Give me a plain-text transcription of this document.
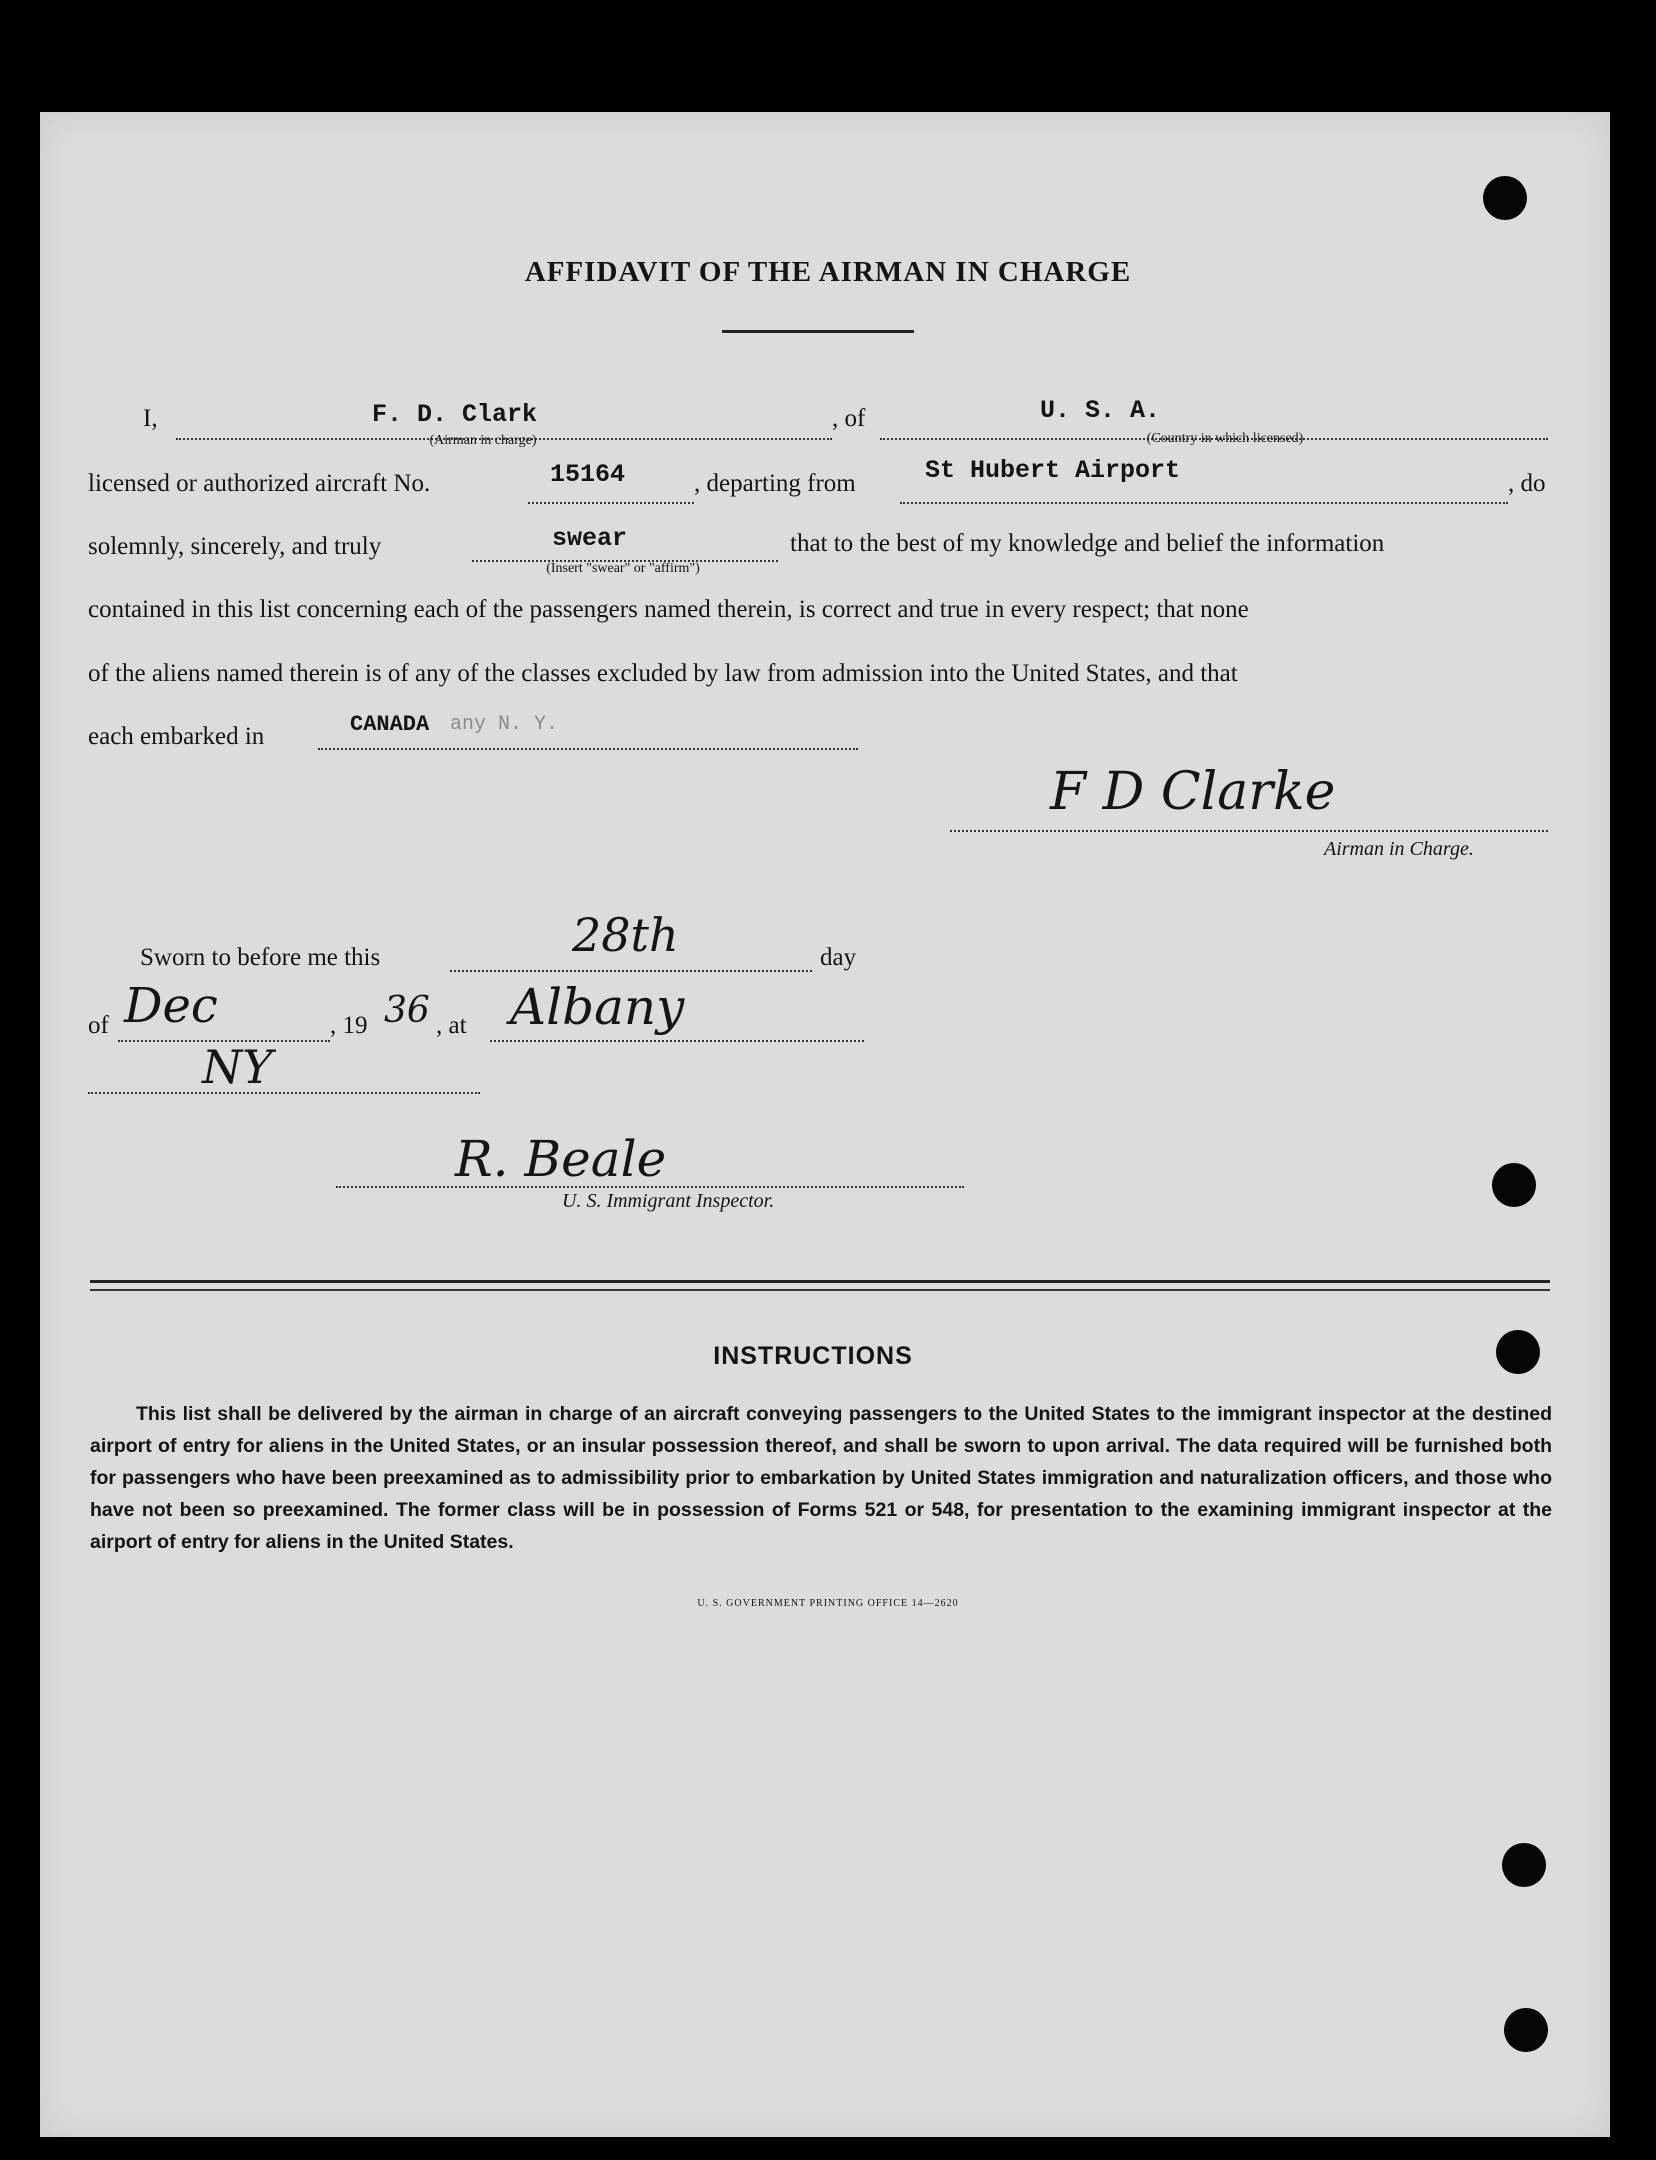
AFFIDAVIT OF THE AIRMAN IN CHARGE
I,	F. D. Clark
(Airman in charge)
, of	U. S. A.
(Country in which licensed)
licensed or authorized aircraft No.	15164	, departing from	St Hubert Airport	, do
solemnly, sincerely, and truly	swear
(Insert "swear" or "affirm")
that to the best of my knowledge and belief the information
contained in this list concerning each of the passengers named therein, is correct and true in every respect; that none
of the aliens named therein is of any of the classes excluded by law from admission into the United States, and that
each embarked in	CANADA any N. Y.
F D Clarke
Airman in Charge.
Sworn to before me this	28th	day
of Dec	, 19 36 , at Albany
NY
R. Beale
U. S. Immigrant Inspector.
INSTRUCTIONS
This list shall be delivered by the airman in charge of an aircraft conveying passengers to the United States to the immigrant inspector at the destined airport of entry for aliens in the United States, or an insular possession thereof, and shall be sworn to upon arrival. The data required will be furnished both for passengers who have been preexamined as to admissibility prior to embarkation by United States immigration and naturalization officers, and those who have not been so preexamined. The former class will be in possession of Forms 521 or 548, for presentation to the examining immigrant inspector at the airport of entry for aliens in the United States.
U. S. GOVERNMENT PRINTING OFFICE 14—2620
